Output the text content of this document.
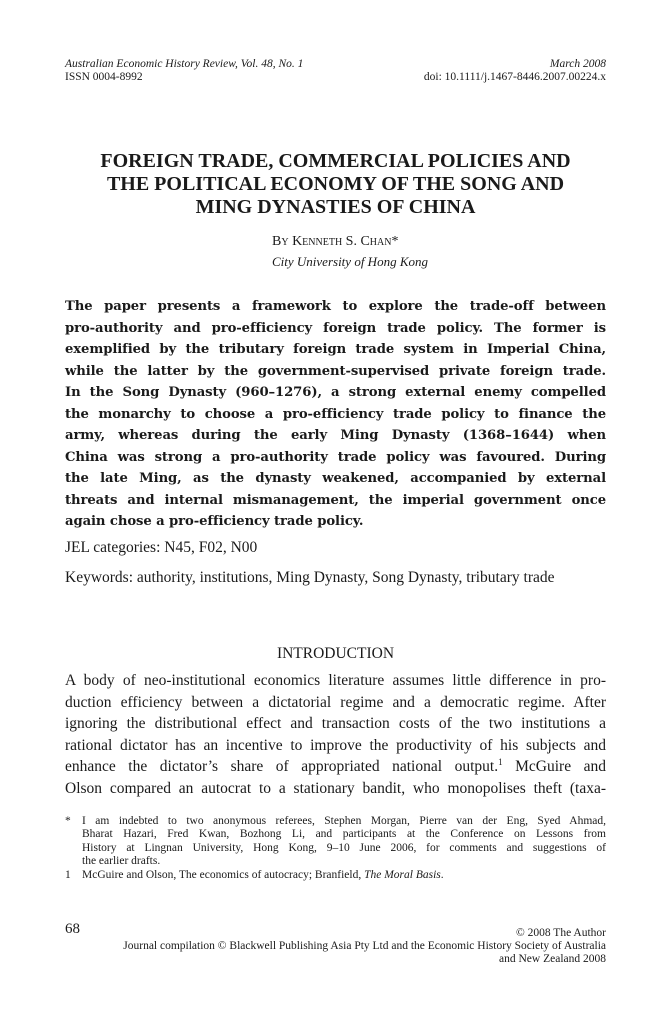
Australian Economic History Review, Vol. 48, No. 1	March 2008
ISSN 0004-8992	doi: 10.1111/j.1467-8446.2007.00224.x
FOREIGN TRADE, COMMERCIAL POLICIES AND
THE POLITICAL ECONOMY OF THE SONG AND
MING DYNASTIES OF CHINA
By Kenneth S. Chan*
City University of Hong Kong
The paper presents a framework to explore the trade-off between
pro-authority and pro-efficiency foreign trade policy. The former is
exemplified by the tributary foreign trade system in Imperial China,
while the latter by the government-supervised private foreign trade.
In the Song Dynasty (960–1276), a strong external enemy compelled
the monarchy to choose a pro-efficiency trade policy to finance the
army, whereas during the early Ming Dynasty (1368–1644) when
China was strong a pro-authority trade policy was favoured. During
the late Ming, as the dynasty weakened, accompanied by external
threats and internal mismanagement, the imperial government once
again chose a pro-efficiency trade policy.
JEL categories: N45, F02, N00
Keywords: authority, institutions, Ming Dynasty, Song Dynasty, tributary trade
INTRODUCTION
A body of neo-institutional economics literature assumes little difference in pro-
duction efficiency between a dictatorial regime and a democratic regime. After
ignoring the distributional effect and transaction costs of the two institutions a
rational dictator has an incentive to improve the productivity of his subjects and
enhance the dictator’s share of appropriated national output.$^1$ McGuire and
Olson compared an autocrat to a stationary bandit, who monopolises theft (taxa-
* I am indebted to two anonymous referees, Stephen Morgan, Pierre van der Eng, Syed Ahmad,
Bharat Hazari, Fred Kwan, Bozhong Li, and participants at the Conference on Lessons from
History at Lingnan University, Hong Kong, 9–10 June 2006, for comments and suggestions of
the earlier drafts.
1 McGuire and Olson, The economics of autocracy; Branfield, The Moral Basis.
68	© 2008 The Author
Journal compilation © Blackwell Publishing Asia Pty Ltd and the Economic History Society of Australia
and New Zealand 2008
